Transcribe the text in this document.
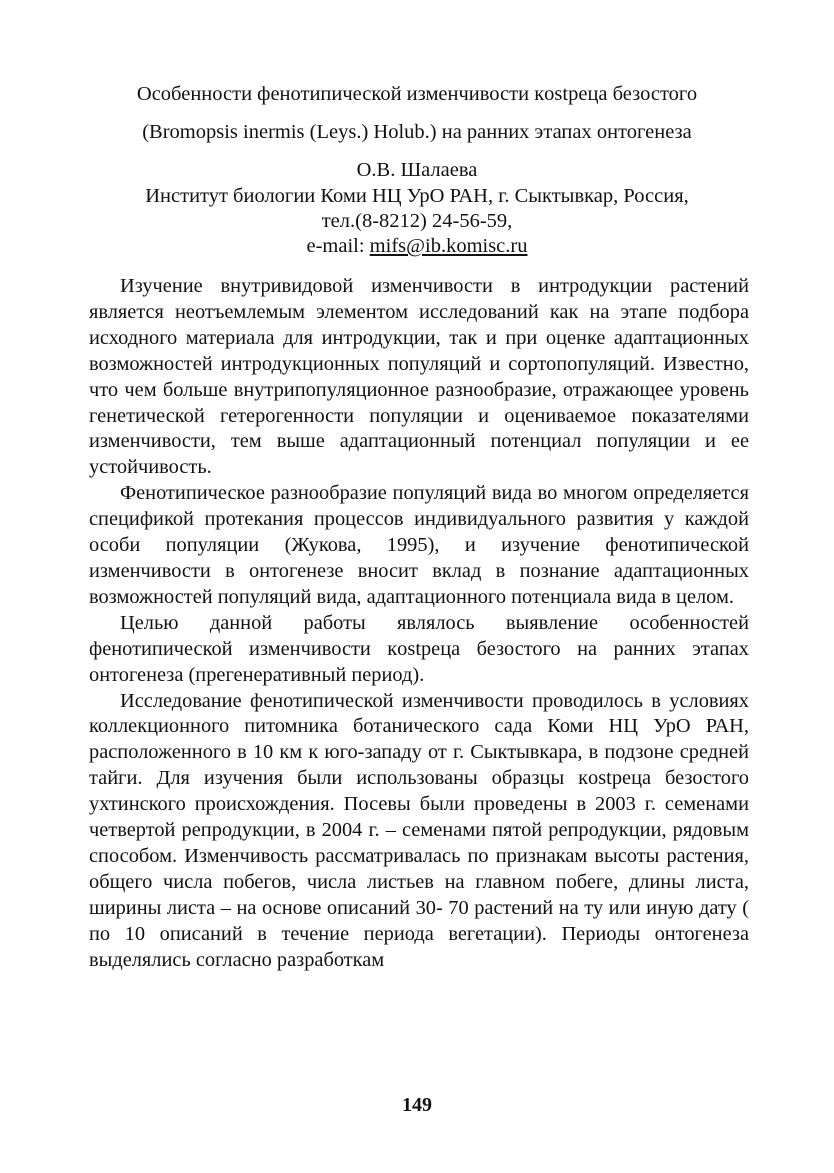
Особенности фенотипической изменчивости кostреца безостого
(Bromopsis inermis (Leys.) Holub.) на ранних этапах онтогенеза
О.В. Шалаева
Институт биологии Коми НЦ УрО РАН, г. Сыктывкар, Россия,
тел.(8-8212) 24-56-59,
e-mail: mifs@ib.komisc.ru

Изучение внутривидовой изменчивости в интродукции растений является неотъемлемым элементом исследований как на этапе подбора исходного материала для интродукции, так и при оценке адаптационных возможностей интродукционных популяций и сортопопуляций. Известно, что чем больше внутрипопуляционное разнообразие, отражающее уровень генетической гетерогенности популяции и оцениваемое показателями изменчивости, тем выше адаптационный потенциал популяции и ее устойчивость.

Фенотипическое разнообразие популяций вида во многом определяется спецификой протекания процессов индивидуального развития у каждой особи популяции (Жукова, 1995), и изучение фенотипической изменчивости в онтогенезе вносит вклад в познание адаптационных возможностей популяций вида, адаптационного потенциала вида в целом.

Целью данной работы являлось выявление особенностей фенотипической изменчивости кostреца безостого на ранних этапах онтогенеза (прегенеративный период).

Исследование фенотипической изменчивости проводилось в условиях коллекционного питомника ботанического сада Коми НЦ УрО РАН, расположенного в 10 км к юго-западу от г. Сыктывкара, в подзоне средней тайги. Для изучения были использованы образцы кostреца безостого ухтинского происхождения. Посевы были проведены в 2003 г. семенами четвертой репродукции, в 2004 г. – семенами пятой репродукции, рядовым способом. Изменчивость рассматривалась по признакам высоты растения, общего числа побегов, числа листьев на главном побеге, длины листа, ширины листа – на основе описаний 30- 70 растений на ту или иную дату ( по 10 описаний в течение периода вегетации). Периоды онтогенеза выделялись согласно разработкам

149
